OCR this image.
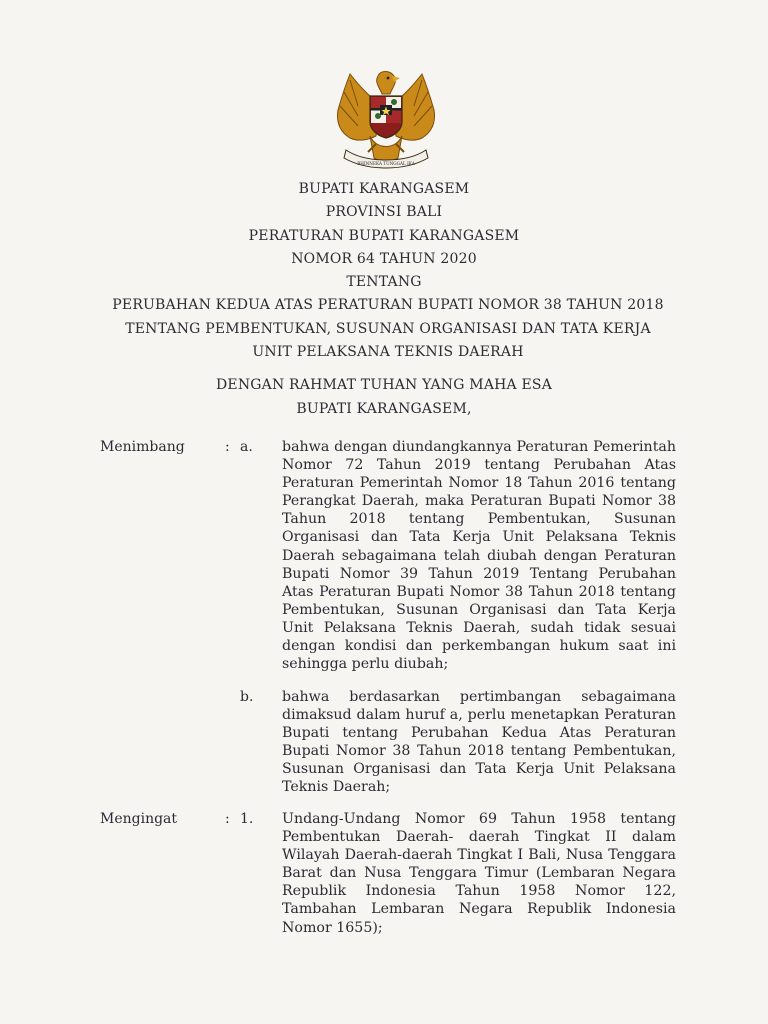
BHINNEKA TUNGGAL IKA

BUPATI KARANGASEM

PROVINSI BALI

PERATURAN BUPATI KARANGASEM

NOMOR 64 TAHUN 2020

TENTANG

PERUBAHAN KEDUA ATAS PERATURAN BUPATI NOMOR 38 TAHUN 2018

TENTANG PEMBENTUKAN, SUSUNAN ORGANISASI DAN TATA KERJA

UNIT PELAKSANA TEKNIS DAERAH

DENGAN RAHMAT TUHAN YANG MAHA ESA

BUPATI KARANGASEM,

Menimbang	: a. bahwa dengan diundangkannya Peraturan Pemerintah Nomor 72 Tahun 2019 tentang Perubahan Atas Peraturan Pemerintah Nomor 18 Tahun 2016 tentang Perangkat Daerah, maka Peraturan Bupati Nomor 38 Tahun 2018 tentang Pembentukan, Susunan Organisasi dan Tata Kerja Unit Pelaksana Teknis Daerah sebagaimana telah diubah dengan Peraturan Bupati Nomor 39 Tahun 2019 Tentang Perubahan Atas Peraturan Bupati Nomor 38 Tahun 2018 tentang Pembentukan, Susunan Organisasi dan Tata Kerja Unit Pelaksana Teknis Daerah, sudah tidak sesuai dengan kondisi dan perkembangan hukum saat ini sehingga perlu diubah;

b. bahwa berdasarkan pertimbangan sebagaimana dimaksud dalam huruf a, perlu menetapkan Peraturan Bupati tentang Perubahan Kedua Atas Peraturan Bupati Nomor 38 Tahun 2018 tentang Pembentukan, Susunan Organisasi dan Tata Kerja Unit Pelaksana Teknis Daerah;

Mengingat	: 1. Undang-Undang Nomor 69 Tahun 1958 tentang Pembentukan Daerah- daerah Tingkat II dalam Wilayah Daerah-daerah Tingkat I Bali, Nusa Tenggara Barat dan Nusa Tenggara Timur (Lembaran Negara Republik Indonesia Tahun 1958 Nomor 122, Tambahan Lembaran Negara Republik Indonesia Nomor 1655);
